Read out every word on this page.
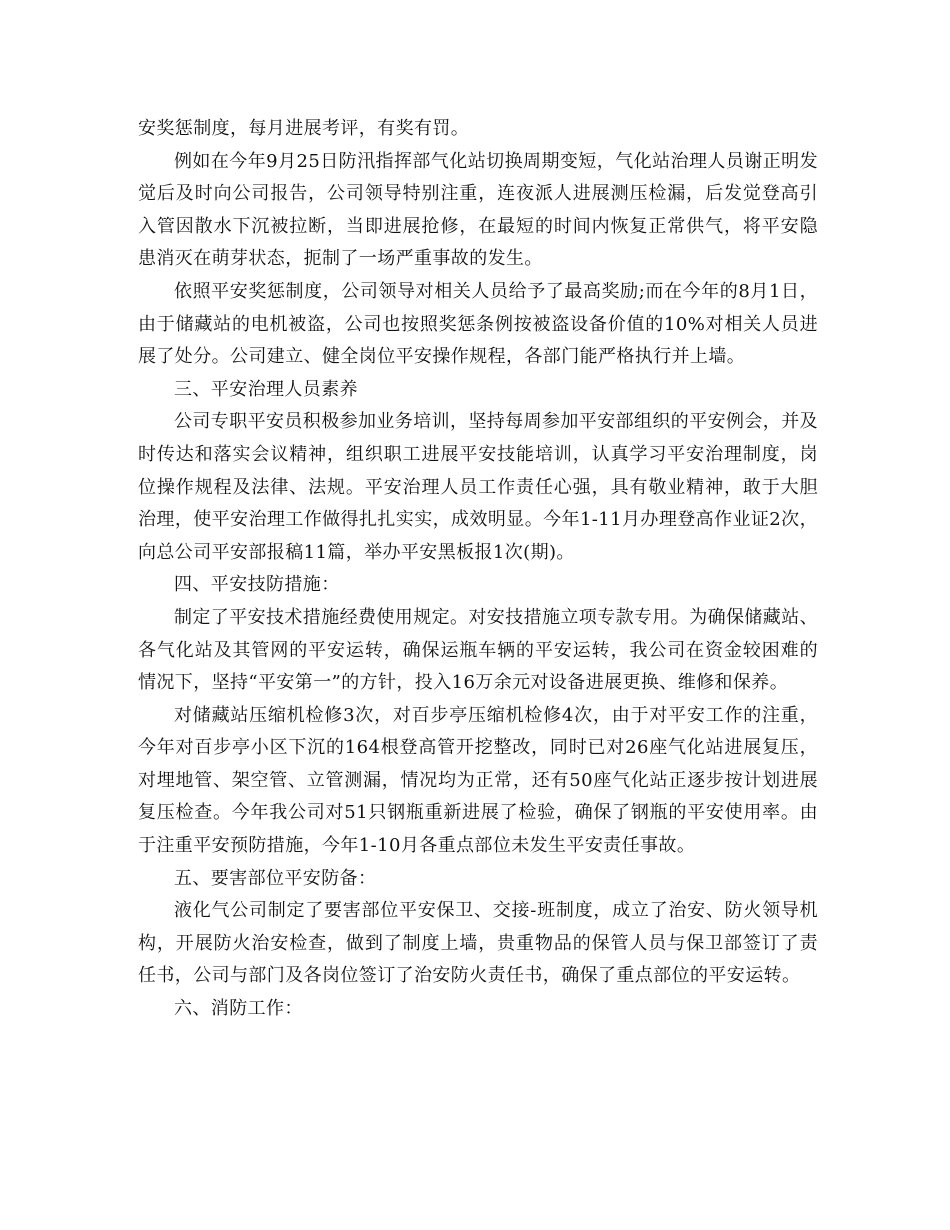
安奖惩制度，每月进展考评，有奖有罚。

例如在今年9月25日防汛指挥部气化站切换周期变短，气化站治理人员谢正明发觉后及时向公司报告，公司领导特别注重，连夜派人进展测压检漏，后发觉登高引入管因散水下沉被拉断，当即进展抢修，在最短的时间内恢复正常供气，将平安隐患消灭在萌芽状态，扼制了一场严重事故的发生。

依照平安奖惩制度，公司领导对相关人员给予了最高奖励;而在今年的8月1日，由于储藏站的电机被盗，公司也按照奖惩条例按被盗设备价值的10%对相关人员进展了处分。公司建立、健全岗位平安操作规程，各部门能严格执行并上墙。

三、平安治理人员素养

公司专职平安员积极参加业务培训，坚持每周参加平安部组织的平安例会，并及时传达和落实会议精神，组织职工进展平安技能培训，认真学习平安治理制度，岗位操作规程及法律、法规。平安治理人员工作责任心强，具有敬业精神，敢于大胆治理，使平安治理工作做得扎扎实实，成效明显。今年1-11月办理登高作业证2次，向总公司平安部报稿11篇，举办平安黑板报1次(期)。

四、平安技防措施：

制定了平安技术措施经费使用规定。对安技措施立项专款专用。为确保储藏站、各气化站及其管网的平安运转，确保运瓶车辆的平安运转，我公司在资金较困难的情况下，坚持“平安第一”的方针，投入16万余元对设备进展更换、维修和保养。

对储藏站压缩机检修3次，对百步亭压缩机检修4次，由于对平安工作的注重，今年对百步亭小区下沉的164根登高管开挖整改，同时已对26座气化站进展复压，对埋地管、架空管、立管测漏，情况均为正常，还有50座气化站正逐步按计划进展复压检查。今年我公司对51只钢瓶重新进展了检验，确保了钢瓶的平安使用率。由于注重平安预防措施，今年1-10月各重点部位未发生平安责任事故。

五、要害部位平安防备：

液化气公司制定了要害部位平安保卫、交接-班制度，成立了治安、防火领导机构，开展防火治安检查，做到了制度上墙，贵重物品的保管人员与保卫部签订了责任书，公司与部门及各岗位签订了治安防火责任书，确保了重点部位的平安运转。

六、消防工作：
